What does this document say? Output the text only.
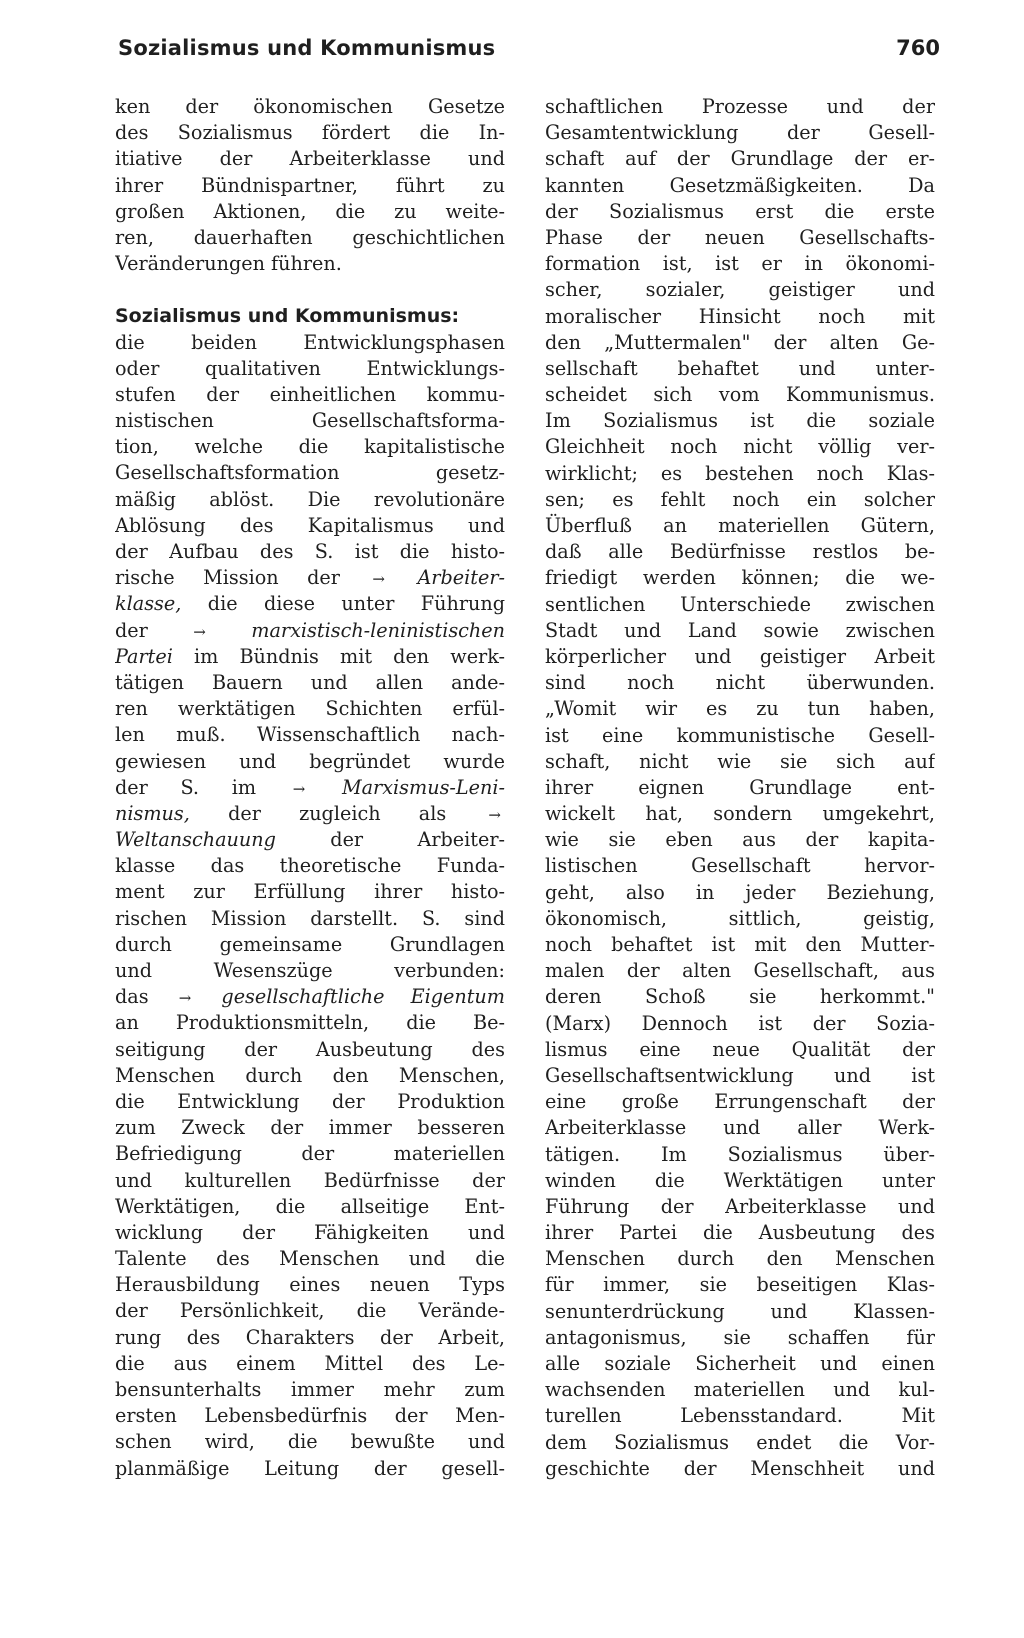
Sozialismus und Kommunismus	760
ken der ökonomischen Gesetze
des Sozialismus fördert die In-
itiative der Arbeiterklasse und
ihrer Bündnispartner, führt zu
großen Aktionen, die zu weite-
ren, dauerhaften geschichtlichen
Veränderungen führen.
Sozialismus und Kommunismus:
die beiden Entwicklungsphasen
oder qualitativen Entwicklungs-
stufen der einheitlichen kommu-
nistischen Gesellschaftsforma-
tion, welche die kapitalistische
Gesellschaftsformation gesetz-
mäßig ablöst. Die revolutionäre
Ablösung des Kapitalismus und
der Aufbau des S. ist die histo-
rische Mission der → Arbeiter-
klasse, die diese unter Führung
der	→ marxistisch-leninistischen
Partei im Bündnis mit den werk-
tätigen Bauern und allen ande-
ren werktätigen Schichten erfül-
len muß. Wissenschaftlich nach-
gewiesen und begründet wurde
der S. im → Marxismus-Leni-
nismus, der zugleich als	→
Weltanschauung	der Arbeiter-
klasse das theoretische Funda-
ment zur Erfüllung ihrer histo-
rischen Mission darstellt. S. sind
durch gemeinsame Grundlagen
und Wesenszüge verbunden:
das → gesellschaftliche Eigentum
an Produktionsmitteln, die Be-
seitigung der Ausbeutung des
Menschen durch den Menschen,
die Entwicklung der Produktion
zum Zweck der immer besseren
Befriedigung der materiellen
und kulturellen Bedürfnisse der
Werktätigen, die allseitige Ent-
wicklung der Fähigkeiten und
Talente des Menschen und die
Herausbildung eines neuen Typs
der Persönlichkeit, die Verände-
rung des Charakters der Arbeit,
die aus einem Mittel des Le-
bensunterhalts immer mehr zum
ersten Lebensbedürfnis der Men-
schen wird, die bewußte und
planmäßige Leitung der gesell-
schaftlichen Prozesse und der
Gesamtentwicklung der Gesell-
schaft auf der Grundlage der er-
kannten Gesetzmäßigkeiten. Da
der Sozialismus erst die erste
Phase der neuen Gesellschafts-
formation ist, ist er in ökonomi-
scher, sozialer, geistiger und
moralischer Hinsicht noch mit
den „Muttermalen" der alten Ge-
sellschaft behaftet und unter-
scheidet sich vom Kommunismus.
Im Sozialismus ist die soziale
Gleichheit noch nicht völlig ver-
wirklicht; es bestehen noch Klas-
sen; es fehlt noch ein solcher
Überfluß an materiellen Gütern,
daß alle Bedürfnisse restlos be-
friedigt werden können; die we-
sentlichen Unterschiede zwischen
Stadt und Land sowie zwischen
körperlicher und geistiger Arbeit
sind noch nicht überwunden.
„Womit wir es zu tun haben,
ist eine kommunistische Gesell-
schaft, nicht wie sie sich auf
ihrer eignen Grundlage ent-
wickelt hat, sondern umgekehrt,
wie sie eben aus der kapita-
listischen Gesellschaft hervor-
geht, also in jeder Beziehung,
ökonomisch, sittlich, geistig,
noch behaftet ist mit den Mutter-
malen der alten Gesellschaft, aus
deren Schoß sie herkommt."
(Marx) Dennoch ist der Sozia-
lismus eine neue Qualität der
Gesellschaftsentwicklung und ist
eine große Errungenschaft der
Arbeiterklasse und aller Werk-
tätigen. Im Sozialismus über-
winden die Werktätigen unter
Führung der Arbeiterklasse und
ihrer Partei die Ausbeutung des
Menschen durch den Menschen
für immer, sie beseitigen Klas-
senunterdrückung und Klassen-
antagonismus, sie schaffen für
alle soziale Sicherheit und einen
wachsenden materiellen und kul-
turellen Lebensstandard. Mit
dem Sozialismus endet die Vor-
geschichte der Menschheit und
